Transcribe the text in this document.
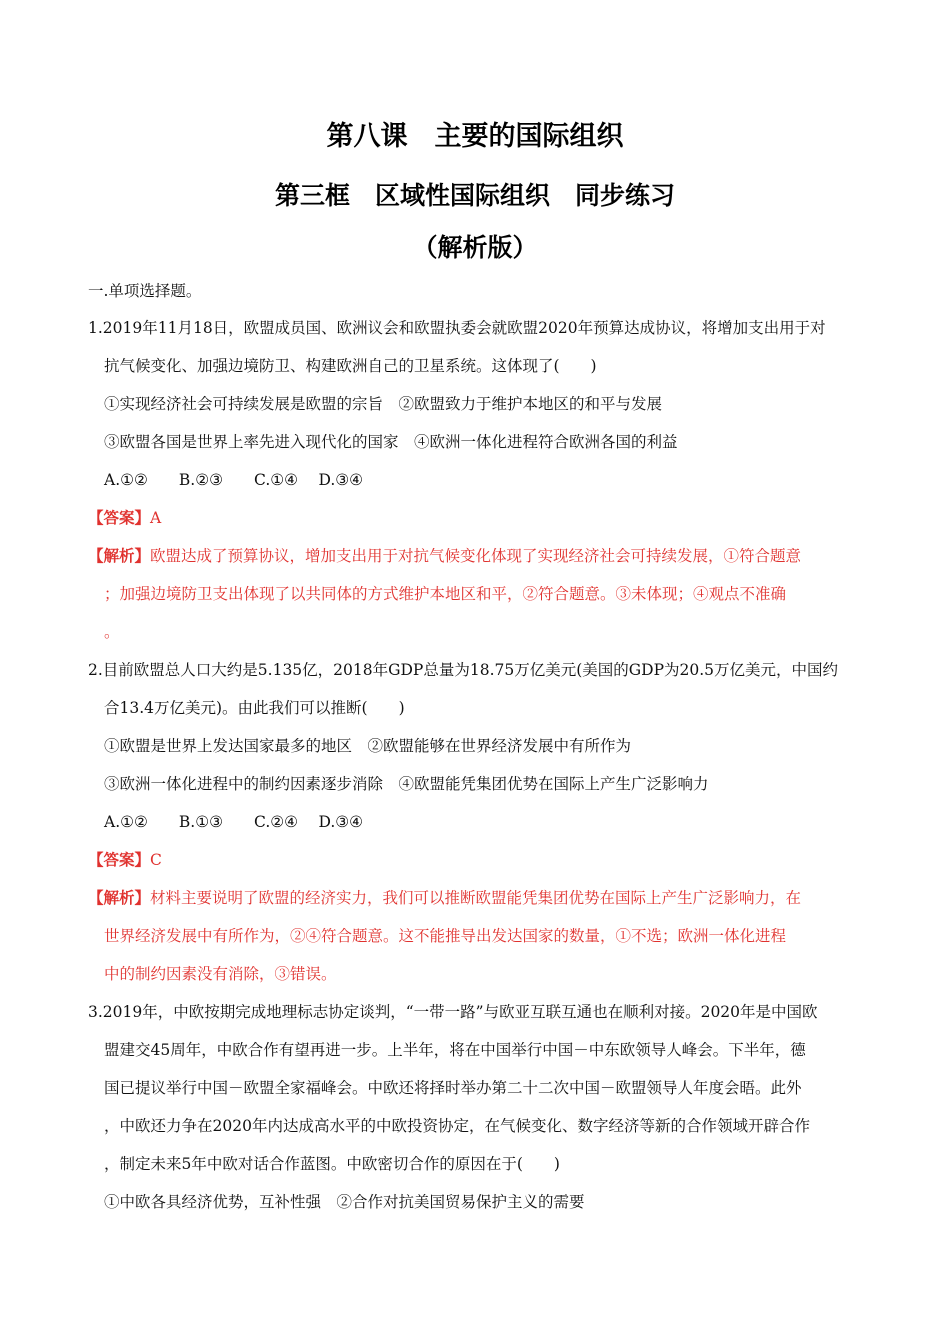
第八课　主要的国际组织
第三框　区域性国际组织　同步练习
（解析版）
一.单项选择题。
1.2019年11月18日，欧盟成员国、欧洲议会和欧盟执委会就欧盟2020年预算达成协议，将增加支出用于对
抗气候变化、加强边境防卫、构建欧洲自己的卫星系统。这体现了(　　)
①实现经济社会可持续发展是欧盟的宗旨　②欧盟致力于维护本地区的和平与发展
③欧盟各国是世界上率先进入现代化的国家　④欧洲一体化进程符合欧洲各国的利益
A.①②　　B.②③　　C.①④　 D.③④
【答案】A
【解析】欧盟达成了预算协议，增加支出用于对抗气候变化体现了实现经济社会可持续发展，①符合题意
；加强边境防卫支出体现了以共同体的方式维护本地区和平，②符合题意。③未体现；④观点不准确
。
2.目前欧盟总人口大约是5.135亿，2018年GDP总量为18.75万亿美元(美国的GDP为20.5万亿美元，中国约
合13.4万亿美元)。由此我们可以推断(　　)
①欧盟是世界上发达国家最多的地区　②欧盟能够在世界经济发展中有所作为
③欧洲一体化进程中的制约因素逐步消除　④欧盟能凭集团优势在国际上产生广泛影响力
A.①②　　B.①③　　C.②④　 D.③④
【答案】C
【解析】材料主要说明了欧盟的经济实力，我们可以推断欧盟能凭集团优势在国际上产生广泛影响力，在
世界经济发展中有所作为，②④符合题意。这不能推导出发达国家的数量，①不选；欧洲一体化进程
中的制约因素没有消除，③错误。
3.2019年，中欧按期完成地理标志协定谈判，“一带一路”与欧亚互联互通也在顺利对接。2020年是中国欧
盟建交45周年，中欧合作有望再进一步。上半年，将在中国举行中国－中东欧领导人峰会。下半年，德
国已提议举行中国－欧盟全家福峰会。中欧还将择时举办第二十二次中国－欧盟领导人年度会晤。此外
，中欧还力争在2020年内达成高水平的中欧投资协定，在气候变化、数字经济等新的合作领域开辟合作
，制定未来5年中欧对话合作蓝图。中欧密切合作的原因在于(　　)
①中欧各具经济优势，互补性强　②合作对抗美国贸易保护主义的需要
